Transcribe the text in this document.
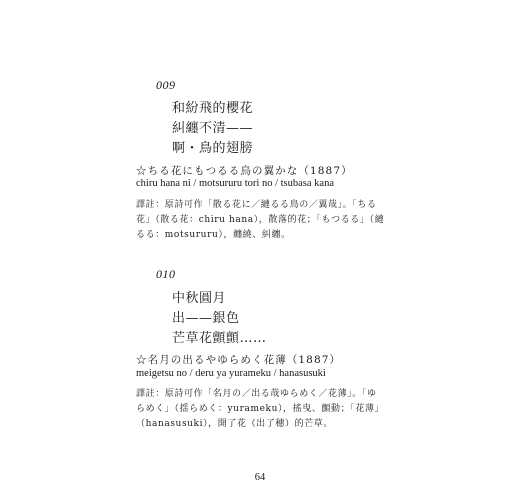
009
和紛飛的櫻花
糾纏不清——
啊・鳥的翅膀
☆ちる花にもつるる鳥の翼かな（1887）
chiru hana ni / motsururu tori no / tsubasa kana
譯註：原詩可作「散る花に／縺るる鳥の／翼哉」。「ちる花」（散る花：chiru hana），散落的花；「もつるる」（縺るる：motsururu），纏繞、糾纏。
010
中秋圓月
出——銀色
芒草花顫顫……
☆名月の出るやゆらめく花薄（1887）
meigetsu no / deru ya yurameku / hanasusuki
譯註：原詩可作「名月の／出る哉ゆらめく／花薄」。「ゆらめく」（揺らめく：yurameku），搖曳、顫動；「花薄」（hanasusuki），開了花（出了穗）的芒草。
64
